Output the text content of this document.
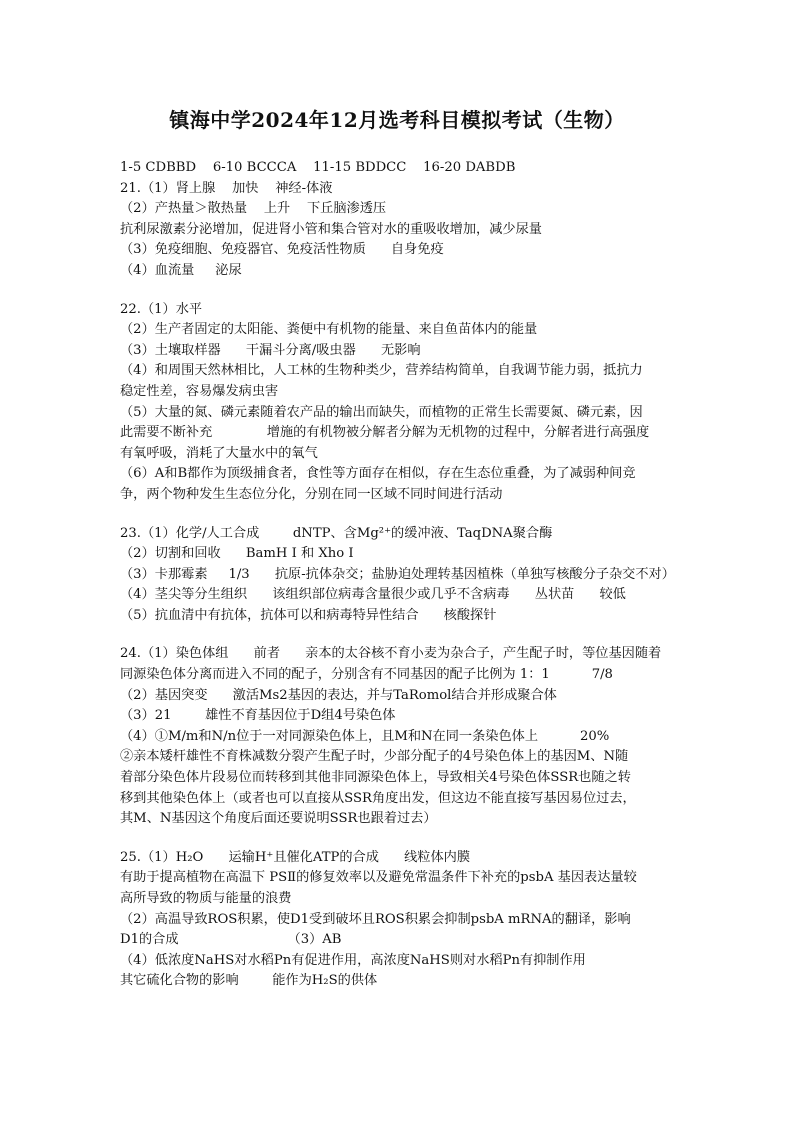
镇海中学2024年12月选考科目模拟考试（生物）
1-5 CDBBD    6-10 BCCCA    11-15 BDDCC    16-20 DABDB
21.（1）肾上腺    加快    神经-体液
（2）产热量＞散热量    上升    下丘脑渗透压
抗利尿激素分泌增加，促进肾小管和集合管对水的重吸收增加，减少尿量
（3）免疫细胞、免疫器官、免疫活性物质      自身免疫
（4）血流量     泌尿
22.（1）水平
（2）生产者固定的太阳能、粪便中有机物的能量、来自鱼苗体内的能量
（3）土壤取样器      干漏斗分离/吸虫器      无影响
（4）和周围天然林相比，人工林的生物种类少，营养结构简单，自我调节能力弱，抵抗力
稳定性差，容易爆发病虫害
（5）大量的氮、磷元素随着农产品的输出而缺失，而植物的正常生长需要氮、磷元素，因
此需要不断补充             增施的有机物被分解者分解为无机物的过程中，分解者进行高强度
有氧呼吸，消耗了大量水中的氧气
（6）A和B都作为顶级捕食者，食性等方面存在相似，存在生态位重叠，为了减弱种间竞
争，两个物种发生生态位分化，分别在同一区域不同时间进行活动
23.（1）化学/人工合成        dNTP、含Mg²⁺的缓冲液、TaqDNA聚合酶
（2）切割和回收      BamH Ⅰ 和 Xho Ⅰ
（3）卡那霉素     1/3      抗原-抗体杂交；盐胁迫处理转基因植株（单独写核酸分子杂交不对）
（4）茎尖等分生组织      该组织部位病毒含量很少或几乎不含病毒      丛状苗      较低
（5）抗血清中有抗体，抗体可以和病毒特异性结合      核酸探针
24.（1）染色体组      前者      亲本的太谷核不育小麦为杂合子，产生配子时，等位基因随着
同源染色体分离而进入不同的配子，分别含有不同基因的配子比例为 1：1          7/8
（2）基因突变      激活Ms2基因的表达，并与TaRomol结合并形成聚合体
（3）21        雄性不育基因位于D组4号染色体
（4）①M/m和N/n位于一对同源染色体上，且M和N在同一条染色体上          20%
②亲本矮杆雄性不育株减数分裂产生配子时，少部分配子的4号染色体上的基因M、N随
着部分染色体片段易位而转移到其他非同源染色体上，导致相关4号染色体SSR也随之转
移到其他染色体上（或者也可以直接从SSR角度出发，但这边不能直接写基因易位过去，
其M、N基因这个角度后面还要说明SSR也跟着过去）
25.（1）H₂O      运输H⁺且催化ATP的合成      线粒体内膜
有助于提高植物在高温下 PSⅡ的修复效率以及避免常温条件下补充的psbA 基因表达量较
高所导致的物质与能量的浪费
（2）高温导致ROS积累，使D1受到破坏且ROS积累会抑制psbA mRNA的翻译，影响
D1的合成                          （3）AB
（4）低浓度NaHS对水稻Pn有促进作用，高浓度NaHS则对水稻Pn有抑制作用
其它硫化合物的影响        能作为H₂S的供体
